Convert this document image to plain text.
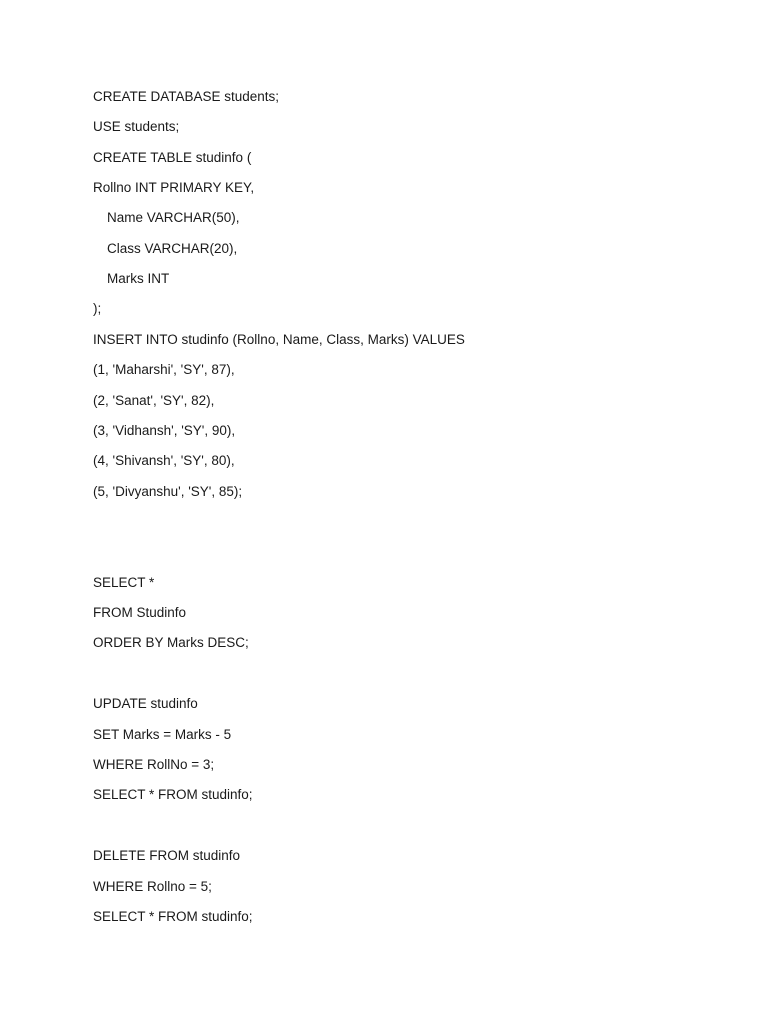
CREATE DATABASE students;

USE students;

CREATE TABLE studinfo (

Rollno INT PRIMARY KEY,

Name VARCHAR(50),

Class VARCHAR(20),

Marks INT

);

INSERT INTO studinfo (Rollno, Name, Class, Marks) VALUES

(1, 'Maharshi', 'SY', 87),

(2, 'Sanat', 'SY', 82),

(3, 'Vidhansh', 'SY', 90),

(4, 'Shivansh', 'SY', 80),

(5, 'Divyanshu', 'SY', 85);

SELECT *

FROM Studinfo

ORDER BY Marks DESC;

UPDATE studinfo

SET Marks = Marks - 5

WHERE RollNo = 3;

SELECT * FROM studinfo;

DELETE FROM studinfo

WHERE Rollno = 5;

SELECT * FROM studinfo;
